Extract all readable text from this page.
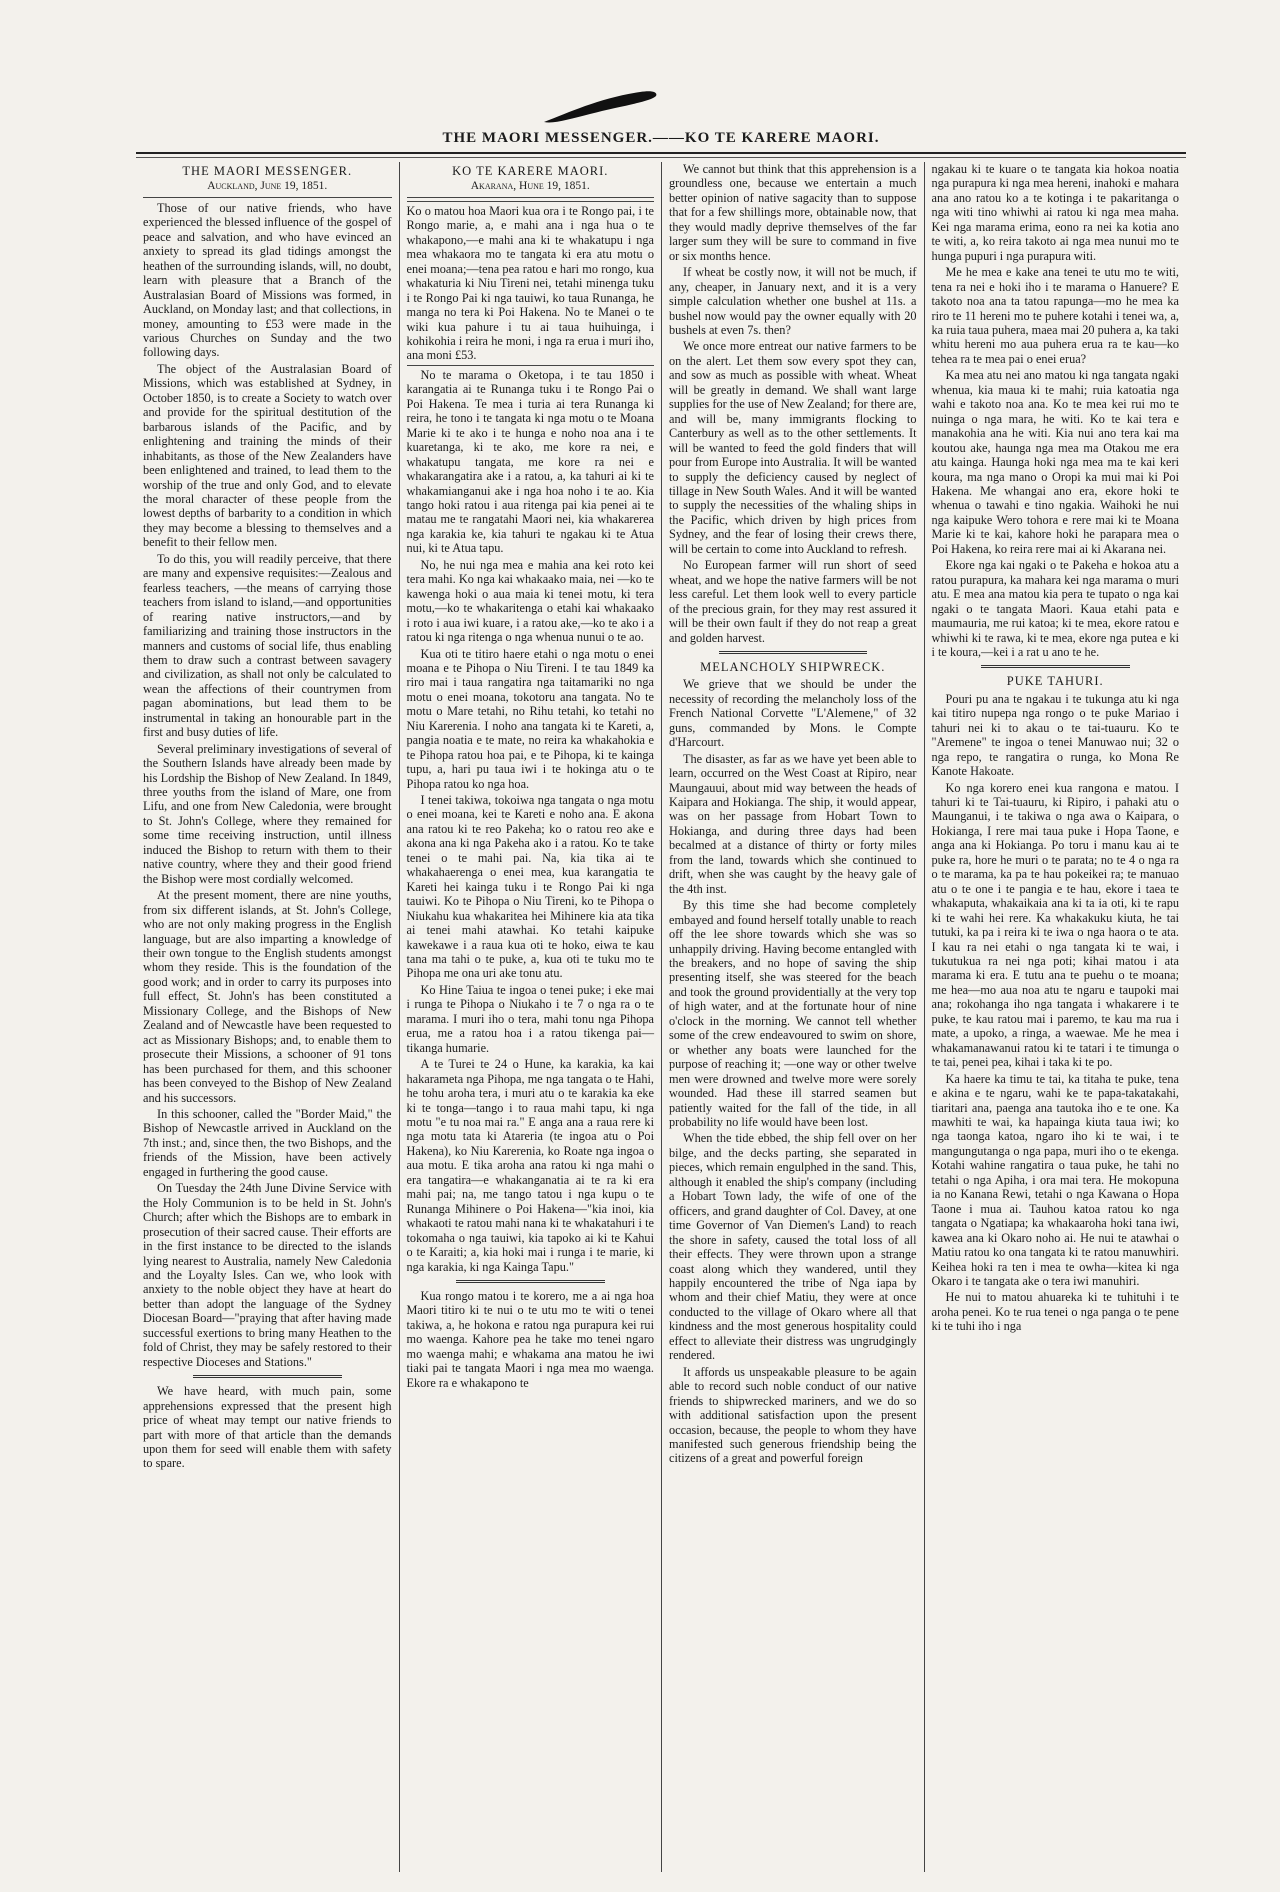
THE MAORI MESSENGER.——KO TE KARERE MAORI.
THE MAORI MESSENGER.
Auckland, June 19, 1851.

Those of our native friends, who have experienced the blessed influence of the gospel of peace and salvation, and who have evinced an anxiety to spread its glad tidings amongst the heathen of the surrounding islands, will, no doubt, learn with pleasure that a Branch of the Australasian Board of Missions was formed, in Auckland, on Monday last; and that collections, in money, amounting to £53 were made in the various Churches on Sunday and the two following days.

The object of the Australasian Board of Missions, which was established at Sydney, in October 1850, is to create a Society to watch over and provide for the spiritual destitution of the barbarous islands of the Pacific, and by enlightening and training the minds of their inhabitants, as those of the New Zealanders have been enlightened and trained, to lead them to the worship of the true and only God, and to elevate the moral character of these people from the lowest depths of barbarity to a condition in which they may become a blessing to themselves and a benefit to their fellow men.

To do this, you will readily perceive, that there are many and expensive requisites:—Zealous and fearless teachers, —the means of carrying those teachers from island to island,—and opportunities of rearing native instructors,—and by familiarizing and training those instructors in the manners and customs of social life, thus enabling them to draw such a contrast between savagery and civilization, as shall not only be calculated to wean the affections of their countrymen from pagan abominations, but lead them to be instrumental in taking an honourable part in the first and busy duties of life.

Several preliminary investigations of several of the Southern Islands have already been made by his Lordship the Bishop of New Zealand. In 1849, three youths from the island of Mare, one from Lifu, and one from New Caledonia, were brought to St. John's College, where they remained for some time receiving instruction, until illness induced the Bishop to return with them to their native country, where they and their good friend the Bishop were most cordially welcomed.

At the present moment, there are nine youths, from six different islands, at St. John's College, who are not only making progress in the English language, but are also imparting a knowledge of their own tongue to the English students amongst whom they reside. This is the foundation of the good work; and in order to carry its purposes into full effect, St. John's has been constituted a Missionary College, and the Bishops of New Zealand and of Newcastle have been requested to act as Missionary Bishops; and, to enable them to prosecute their Missions, a schooner of 91 tons has been purchased for them, and this schooner has been conveyed to the Bishop of New Zealand and his successors.

In this schooner, called the "Border Maid," the Bishop of Newcastle arrived in Auckland on the 7th inst.; and, since then, the two Bishops, and the friends of the Mission, have been actively engaged in furthering the good cause.

On Tuesday the 24th June Divine Service with the Holy Communion is to be held in St. John's Church; after which the Bishops are to embark in prosecution of their sacred cause. Their efforts are in the first instance to be directed to the islands lying nearest to Australia, namely New Caledonia and the Loyalty Isles. Can we, who look with anxiety to the noble object they have at heart do better than adopt the language of the Sydney Diocesan Board—"praying that after having made successful exertions to bring many Heathen to the fold of Christ, they may be safely restored to their respective Dioceses and Stations."

We have heard, with much pain, some apprehensions expressed that the present high price of wheat may tempt our native friends to part with more of that article than the demands upon them for seed will enable them with safety to spare.

KO TE KARERE MAORI.
Akarana, Hune 19, 1851.

Ko o matou hoa Maori kua ora i te Rongo pai, i te Rongo marie, a, e mahi ana i nga hua o te whakapono,—e mahi ana ki te whakatupu i nga mea whakaora mo te tangata ki era atu motu o enei moana;—tena pea ratou e hari mo rongo, kua whakaturia ki Niu Tireni nei, tetahi minenga tuku i te Rongo Pai ki nga tauiwi, ko taua Runanga, he manga no tera ki Poi Hakena. No te Manei o te wiki kua pahure i tu ai taua huihuinga, i kohikohia i reira he moni, i nga ra erua i muri iho, ana moni £53.

No te marama o Oketopa, i te tau 1850 i karangatia ai te Runanga tuku i te Rongo Pai o Poi Hakena. Te mea i turia ai tera Runanga ki reira, he tono i te tangata ki nga motu o te Moana Marie ki te ako i te hunga e noho noa ana i te kuaretanga, ki te ako, me kore ra nei, e whakatupu tangata, me kore ra nei e whakarangatira ake i a ratou, a, ka tahuri ai ki te whakamianganui ake i nga hoa noho i te ao. Kia tango hoki ratou i aua ritenga pai kia penei ai te matau me te rangatahi Maori nei, kia whakarerea nga karakia ke, kia tahuri te ngakau ki te Atua nui, ki te Atua tapu.

No, he nui nga mea e mahia ana kei roto kei tera mahi. Ko nga kai whakaako maia, nei —ko te kawenga hoki o aua maia ki tenei motu, ki tera motu,—ko te whakaritenga o etahi kai whakaako i roto i aua iwi kuare, i a ratou ake,—ko te ako i a ratou ki nga ritenga o nga whenua nunui o te ao.

Kua oti te titiro haere etahi o nga motu o enei moana e te Pihopa o Niu Tireni. I te tau 1849 ka riro mai i taua rangatira nga taitamariki no nga motu o enei moana, tokotoru ana tangata. No te motu o Mare tetahi, no Rihu tetahi, ko tetahi no Niu Karerenia. I noho ana tangata ki te Kareti, a, pangia noatia e te mate, no reira ka whakahokia e te Pihopa ratou hoa pai, e te Pihopa, ki te kainga tupu, a, hari pu taua iwi i te hokinga atu o te Pihopa ratou ko nga hoa.

I tenei takiwa, tokoiwa nga tangata o nga motu o enei moana, kei te Kareti e noho ana. E akona ana ratou ki te reo Pakeha; ko o ratou reo ake e akona ana ki nga Pakeha ako i a ratou. Ko te take tenei o te mahi pai. Na, kia tika ai te whakahaerenga o enei mea, kua karangatia te Kareti hei kainga tuku i te Rongo Pai ki nga tauiwi. Ko te Pihopa o Niu Tireni, ko te Pihopa o Niukahu kua whakaritea hei Mihinere kia ata tika ai tenei mahi atawhai. Ko tetahi kaipuke kawekawe i a raua kua oti te hoko, eiwa te kau tana ma tahi o te puke, a, kua oti te tuku mo te Pihopa me ona uri ake tonu atu.

Ko Hine Taiua te ingoa o tenei puke; i eke mai i runga te Pihopa o Niukaho i te 7 o nga ra o te marama. I muri iho o tera, mahi tonu nga Pihopa erua, me a ratou hoa i a ratou tikenga pai—tikanga humarie.

A te Turei te 24 o Hune, ka karakia, ka kai hakarameta nga Pihopa, me nga tangata o te Hahi, he tohu aroha tera, i muri atu o te karakia ka eke ki te tonga—tango i to raua mahi tapu, ki nga motu "e tu noa mai ra." E anga ana a raua rere ki nga motu tata ki Atareria (te ingoa atu o Poi Hakena), ko Niu Karerenia, ko Roate nga ingoa o aua motu. E tika aroha ana ratou ki nga mahi o era tangatira—e whakanganatia ai te ra ki era mahi pai; na, me tango tatou i nga kupu o te Runanga Mihinere o Poi Hakena—"kia inoi, kia whakaoti te ratou mahi nana ki te whakatahuri i te tokomaha o nga tauiwi, kia tapoko ai ki te Kahui o te Karaiti; a, kia hoki mai i runga i te marie, ki nga karakia, ki nga Kainga Tapu."

Kua rongo matou i te korero, me a ai nga hoa Maori titiro ki te nui o te utu mo te witi o tenei takiwa, a, he hokona e ratou nga purapura kei rui mo waenga. Kahore pea he take mo tenei ngaro mo waenga mahi; e whakama ana matou he iwi tiaki pai te tangata Maori i nga mea mo waenga. Ekore ra e whakapono te

We cannot but think that this apprehension is a groundless one, because we entertain a much better opinion of native sagacity than to suppose that for a few shillings more, obtainable now, that they would madly deprive themselves of the far larger sum they will be sure to command in five or six months hence.

If wheat be costly now, it will not be much, if any, cheaper, in January next, and it is a very simple calculation whether one bushel at 11s. a bushel now would pay the owner equally with 20 bushels at even 7s. then?

We once more entreat our native farmers to be on the alert. Let them sow every spot they can, and sow as much as possible with wheat. Wheat will be greatly in demand. We shall want large supplies for the use of New Zealand; for there are, and will be, many immigrants flocking to Canterbury as well as to the other settlements. It will be wanted to feed the gold finders that will pour from Europe into Australia. It will be wanted to supply the deficiency caused by neglect of tillage in New South Wales. And it will be wanted to supply the necessities of the whaling ships in the Pacific, which driven by high prices from Sydney, and the fear of losing their crews there, will be certain to come into Auckland to refresh.

No European farmer will run short of seed wheat, and we hope the native farmers will be not less careful. Let them look well to every particle of the precious grain, for they may rest assured it will be their own fault if they do not reap a great and golden harvest.

MELANCHOLY SHIPWRECK.

We grieve that we should be under the necessity of recording the melancholy loss of the French National Corvette "L'Alemene," of 32 guns, commanded by Mons. le Compte d'Harcourt.

The disaster, as far as we have yet been able to learn, occurred on the West Coast at Ripiro, near Maungauui, about mid way between the heads of Kaipara and Hokianga. The ship, it would appear, was on her passage from Hobart Town to Hokianga, and during three days had been becalmed at a distance of thirty or forty miles from the land, towards which she continued to drift, when she was caught by the heavy gale of the 4th inst.

By this time she had become completely embayed and found herself totally unable to reach off the lee shore towards which she was so unhappily driving. Having become entangled with the breakers, and no hope of saving the ship presenting itself, she was steered for the beach and took the ground providentially at the very top of high water, and at the fortunate hour of nine o'clock in the morning. We cannot tell whether some of the crew endeavoured to swim on shore, or whether any boats were launched for the purpose of reaching it; —one way or other twelve men were drowned and twelve more were sorely wounded. Had these ill starred seamen but patiently waited for the fall of the tide, in all probability no life would have been lost.

When the tide ebbed, the ship fell over on her bilge, and the decks parting, she separated in pieces, which remain engulphed in the sand. This, although it enabled the ship's company (including a Hobart Town lady, the wife of one of the officers, and grand daughter of Col. Davey, at one time Governor of Van Diemen's Land) to reach the shore in safety, caused the total loss of all their effects. They were thrown upon a strange coast along which they wandered, until they happily encountered the tribe of Nga iapa by whom and their chief Matiu, they were at once conducted to the village of Okaro where all that kindness and the most generous hospitality could effect to alleviate their distress was ungrudgingly rendered.

It affords us unspeakable pleasure to be again able to record such noble conduct of our native friends to shipwrecked mariners, and we do so with additional satisfaction upon the present occasion, because, the people to whom they have manifested such generous friendship being the citizens of a great and powerful foreign

ngakau ki te kuare o te tangata kia hokoa noatia nga purapura ki nga mea hereni, inahoki e mahara ana ano ratou ko a te kotinga i te pakaritanga o nga witi tino whiwhi ai ratou ki nga mea maha. Kei nga marama erima, eono ra nei ka kotia ano te witi, a, ko reira takoto ai nga mea nunui mo te hunga pupuri i nga purapura witi.

Me he mea e kake ana tenei te utu mo te witi, tena ra nei e hoki iho i te marama o Hanuere? E takoto noa ana ta tatou rapunga—mo he mea ka riro te 11 hereni mo te puhere kotahi i tenei wa, a, ka ruia taua puhera, maea mai 20 puhera a, ka taki whitu hereni mo aua puhera erua ra te kau—ko tehea ra te mea pai o enei erua?

Ka mea atu nei ano matou ki nga tangata ngaki whenua, kia maua ki te mahi; ruia katoatia nga wahi e takoto noa ana. Ko te mea kei rui mo te nuinga o nga mara, he witi. Ko te kai tera e manakohia ana he witi. Kia nui ano tera kai ma koutou ake, haunga nga mea ma Otakou me era atu kainga. Haunga hoki nga mea ma te kai keri koura, ma nga mano o Oropi ka mui mai ki Poi Hakena. Me whangai ano era, ekore hoki te whenua o tawahi e tino ngakia. Waihoki he nui nga kaipuke Wero tohora e rere mai ki te Moana Marie ki te kai, kahore hoki he parapara mea o Poi Hakena, ko reira rere mai ai ki Akarana nei.

Ekore nga kai ngaki o te Pakeha e hokoa atu a ratou purapura, ka mahara kei nga marama o muri atu. E mea ana matou kia pera te tupato o nga kai ngaki o te tangata Maori. Kaua etahi pata e maumauria, me rui katoa; ki te mea, ekore ratou e whiwhi ki te rawa, ki te mea, ekore nga putea e ki i te koura,—kei i a rat u ano te he.

PUKE TAHURI.

Pouri pu ana te ngakau i te tukunga atu ki nga kai titiro nupepa nga rongo o te puke Mariao i tahuri nei ki to akau o te tai-tuauru. Ko te "Aremene" te ingoa o tenei Manuwao nui; 32 o nga repo, te rangatira o runga, ko Mona Re Kanote Hakoate.

Ko nga korero enei kua rangona e matou. I tahuri ki te Tai-tuauru, ki Ripiro, i pahaki atu o Maunganui, i te takiwa o nga awa o Kaipara, o Hokianga, I rere mai taua puke i Hopa Taone, e anga ana ki Hokianga. Po toru i manu kau ai te puke ra, hore he muri o te parata; no te 4 o nga ra o te marama, ka pa te hau pokeikei ra; te manuao atu o te one i te pangia e te hau, ekore i taea te whakaputa, whakaikaia ana ki ta ia oti, ki te rapu ki te wahi hei rere. Ka whakakuku kiuta, he tai tutuki, ka pa i reira ki te iwa o nga haora o te ata. I kau ra nei etahi o nga tangata ki te wai, i tukutukua ra nei nga poti; kihai matou i ata marama ki era. E tutu ana te puehu o te moana; me hea—mo aua noa atu te ngaru e taupoki mai ana; rokohanga iho nga tangata i whakarere i te puke, te kau ratou mai i paremo, te kau ma rua i mate, a upoko, a ringa, a waewae. Me he mea i whakamanawanui ratou ki te tatari i te timunga o te tai, penei pea, kihai i taka ki te po.

Ka haere ka timu te tai, ka titaha te puke, tena e akina e te ngaru, wahi ke te papa-takatakahi, tiaritari ana, paenga ana tautoka iho e te one. Ka mawhiti te wai, ka hapainga kiuta taua iwi; ko nga taonga katoa, ngaro iho ki te wai, i te mangungutanga o nga papa, muri iho o te ekenga. Kotahi wahine rangatira o taua puke, he tahi no tetahi o nga Apiha, i ora mai tera. He mokopuna ia no Kanana Rewi, tetahi o nga Kawana o Hopa Taone i mua ai. Tauhou katoa ratou ko nga tangata o Ngatiapa; ka whakaaroha hoki tana iwi, kawea ana ki Okaro noho ai. He nui te atawhai o Matiu ratou ko ona tangata ki te ratou manuwhiri. Keihea hoki ra ten i mea te owha—kitea ki nga Okaro i te tangata ake o tera iwi manuhiri.

He nui to matou ahuareka ki te tuhituhi i te aroha penei. Ko te rua tenei o nga panga o te pene ki te tuhi iho i nga
